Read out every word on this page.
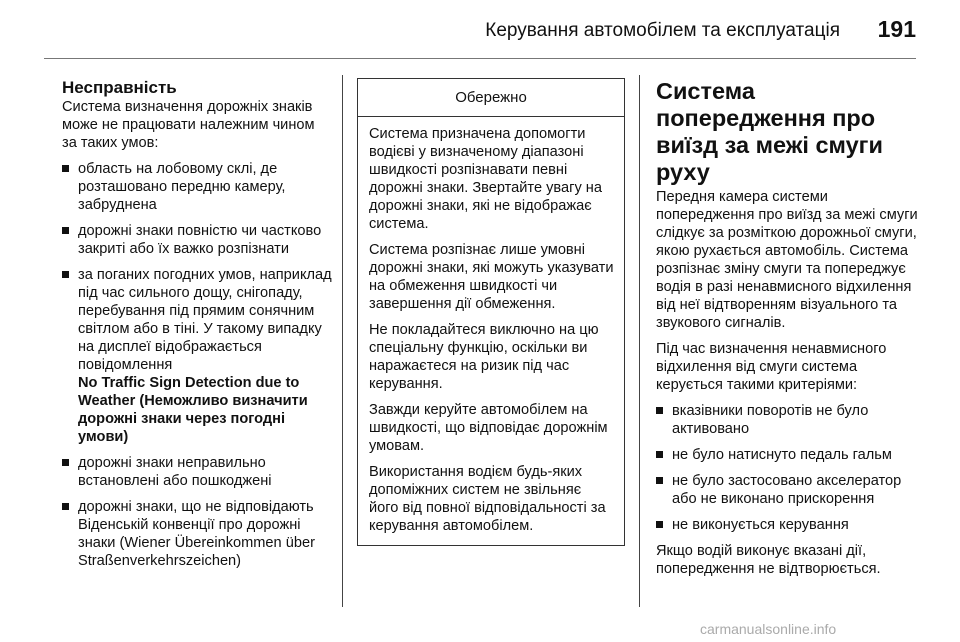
Керування автомобілем та експлуатація 191
Несправність

Система визначення дорожніх знаків може не працювати належним чином за таких умов:

область на лобовому склі, де розташовано передню камеру, забруднена
дорожні знаки повністю чи частково закриті або їх важко розпізнати
за поганих погодних умов, наприклад під час сильного дощу, снігопаду, перебування під прямим сонячним світлом або в тіні. У такому випадку на дисплеї відображається повідомлення
No Traffic Sign Detection due to Weather (Неможливо визначити дорожні знаки через погодні умови)
дорожні знаки неправильно встановлені або пошкоджені
дорожні знаки, що не відповідають Віденській конвенції про дорожні знаки (Wiener Übereinkommen über Straßenverkehrszeichen)
Обережно

Система призначена допомогти водієві у визначеному діапазоні швидкості розпізнавати певні дорожні знаки. Звертайте увагу на дорожні знаки, які не відображає система.

Система розпізнає лише умовні дорожні знаки, які можуть указувати на обмеження швидкості чи завершення дії обмеження.

Не покладайтеся виключно на цю спеціальну функцію, оскільки ви наражаєтеся на ризик під час керування.

Завжди керуйте автомобілем на швидкості, що відповідає дорожнім умовам.

Використання водієм будь-яких допоміжних систем не звільняє його від повної відповідальності за керування автомобілем.

Система попередження про виїзд за межі смуги руху

Передня камера системи попередження про виїзд за межі смуги слідкує за розміткою дорожньої смуги, якою рухається автомобіль. Система розпізнає зміну смуги та попереджує водія в разі ненавмисного відхилення від неї відтворенням візуального та звукового сигналів.

Під час визначення ненавмисного відхилення від смуги система керується такими критеріями:

вказівники поворотів не було активовано
не було натиснуто педаль гальм
не було застосовано акселератор або не виконано прискорення
не виконується керування

Якщо водій виконує вказані дії, попередження не відтворюється.

carmanualsonline.info
